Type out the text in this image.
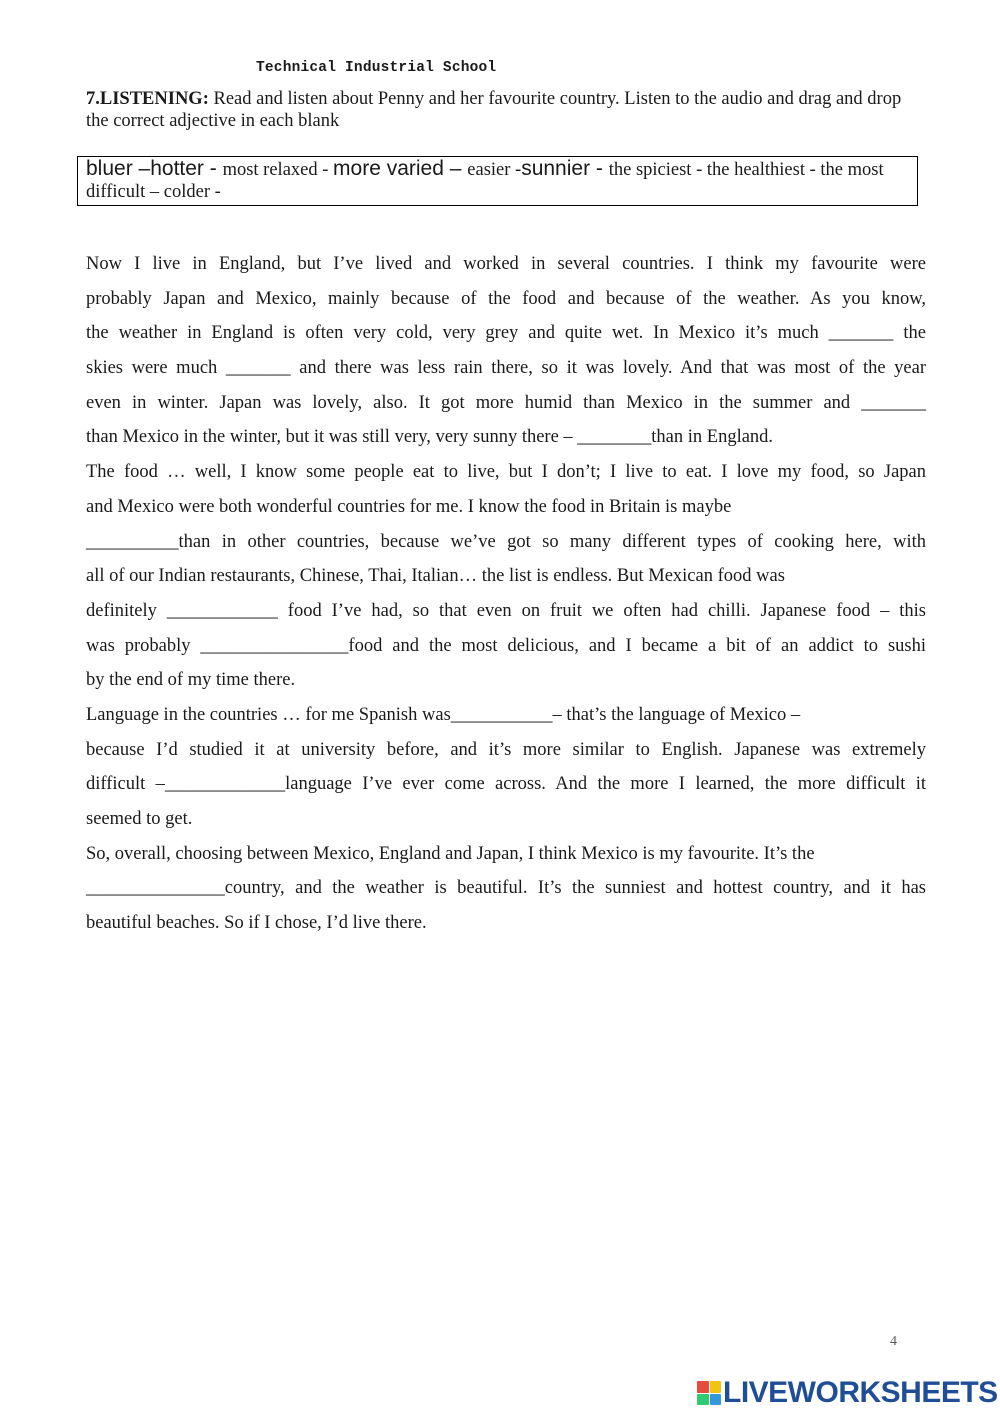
Technical Industrial School
7.LISTENING: Read and listen about Penny and her favourite country. Listen to the audio and drag and drop the correct adjective in each blank
bluer –hotter - most relaxed - more varied – easier -sunnier - the spiciest - the healthiest - the most difficult – colder -
Now I live in England, but I’ve lived and worked in several countries. I think my favourite were
probably Japan and Mexico, mainly because of the food and because of the weather. As you know,
the weather in England is often very cold, very grey and quite wet. In Mexico it’s much _______ the
skies were much _______ and there was less rain there, so it was lovely. And that was most of the year
even in winter. Japan was lovely, also. It got more humid than Mexico in the summer and _______
than Mexico in the winter, but it was still very, very sunny there – ________than in England.
The food … well, I know some people eat to live, but I don’t; I live to eat. I love my food, so Japan
and Mexico were both wonderful countries for me. I know the food in Britain is maybe
__________than in other countries, because we’ve got so many different types of cooking here, with
all of our Indian restaurants, Chinese, Thai, Italian… the list is endless. But Mexican food was
definitely ____________ food I’ve had, so that even on fruit we often had chilli. Japanese food – this
was probably ________________food and the most delicious, and I became a bit of an addict to sushi
by the end of my time there.
Language in the countries … for me Spanish was___________– that’s the language of Mexico –
because I’d studied it at university before, and it’s more similar to English. Japanese was extremely
difficult –_____________language I’ve ever come across. And the more I learned, the more difficult it
seemed to get.
So, overall, choosing between Mexico, England and Japan, I think Mexico is my favourite. It’s the
_______________country, and the weather is beautiful. It’s the sunniest and hottest country, and it has
beautiful beaches. So if I chose, I’d live there.
4
LIVEWORKSHEETS
